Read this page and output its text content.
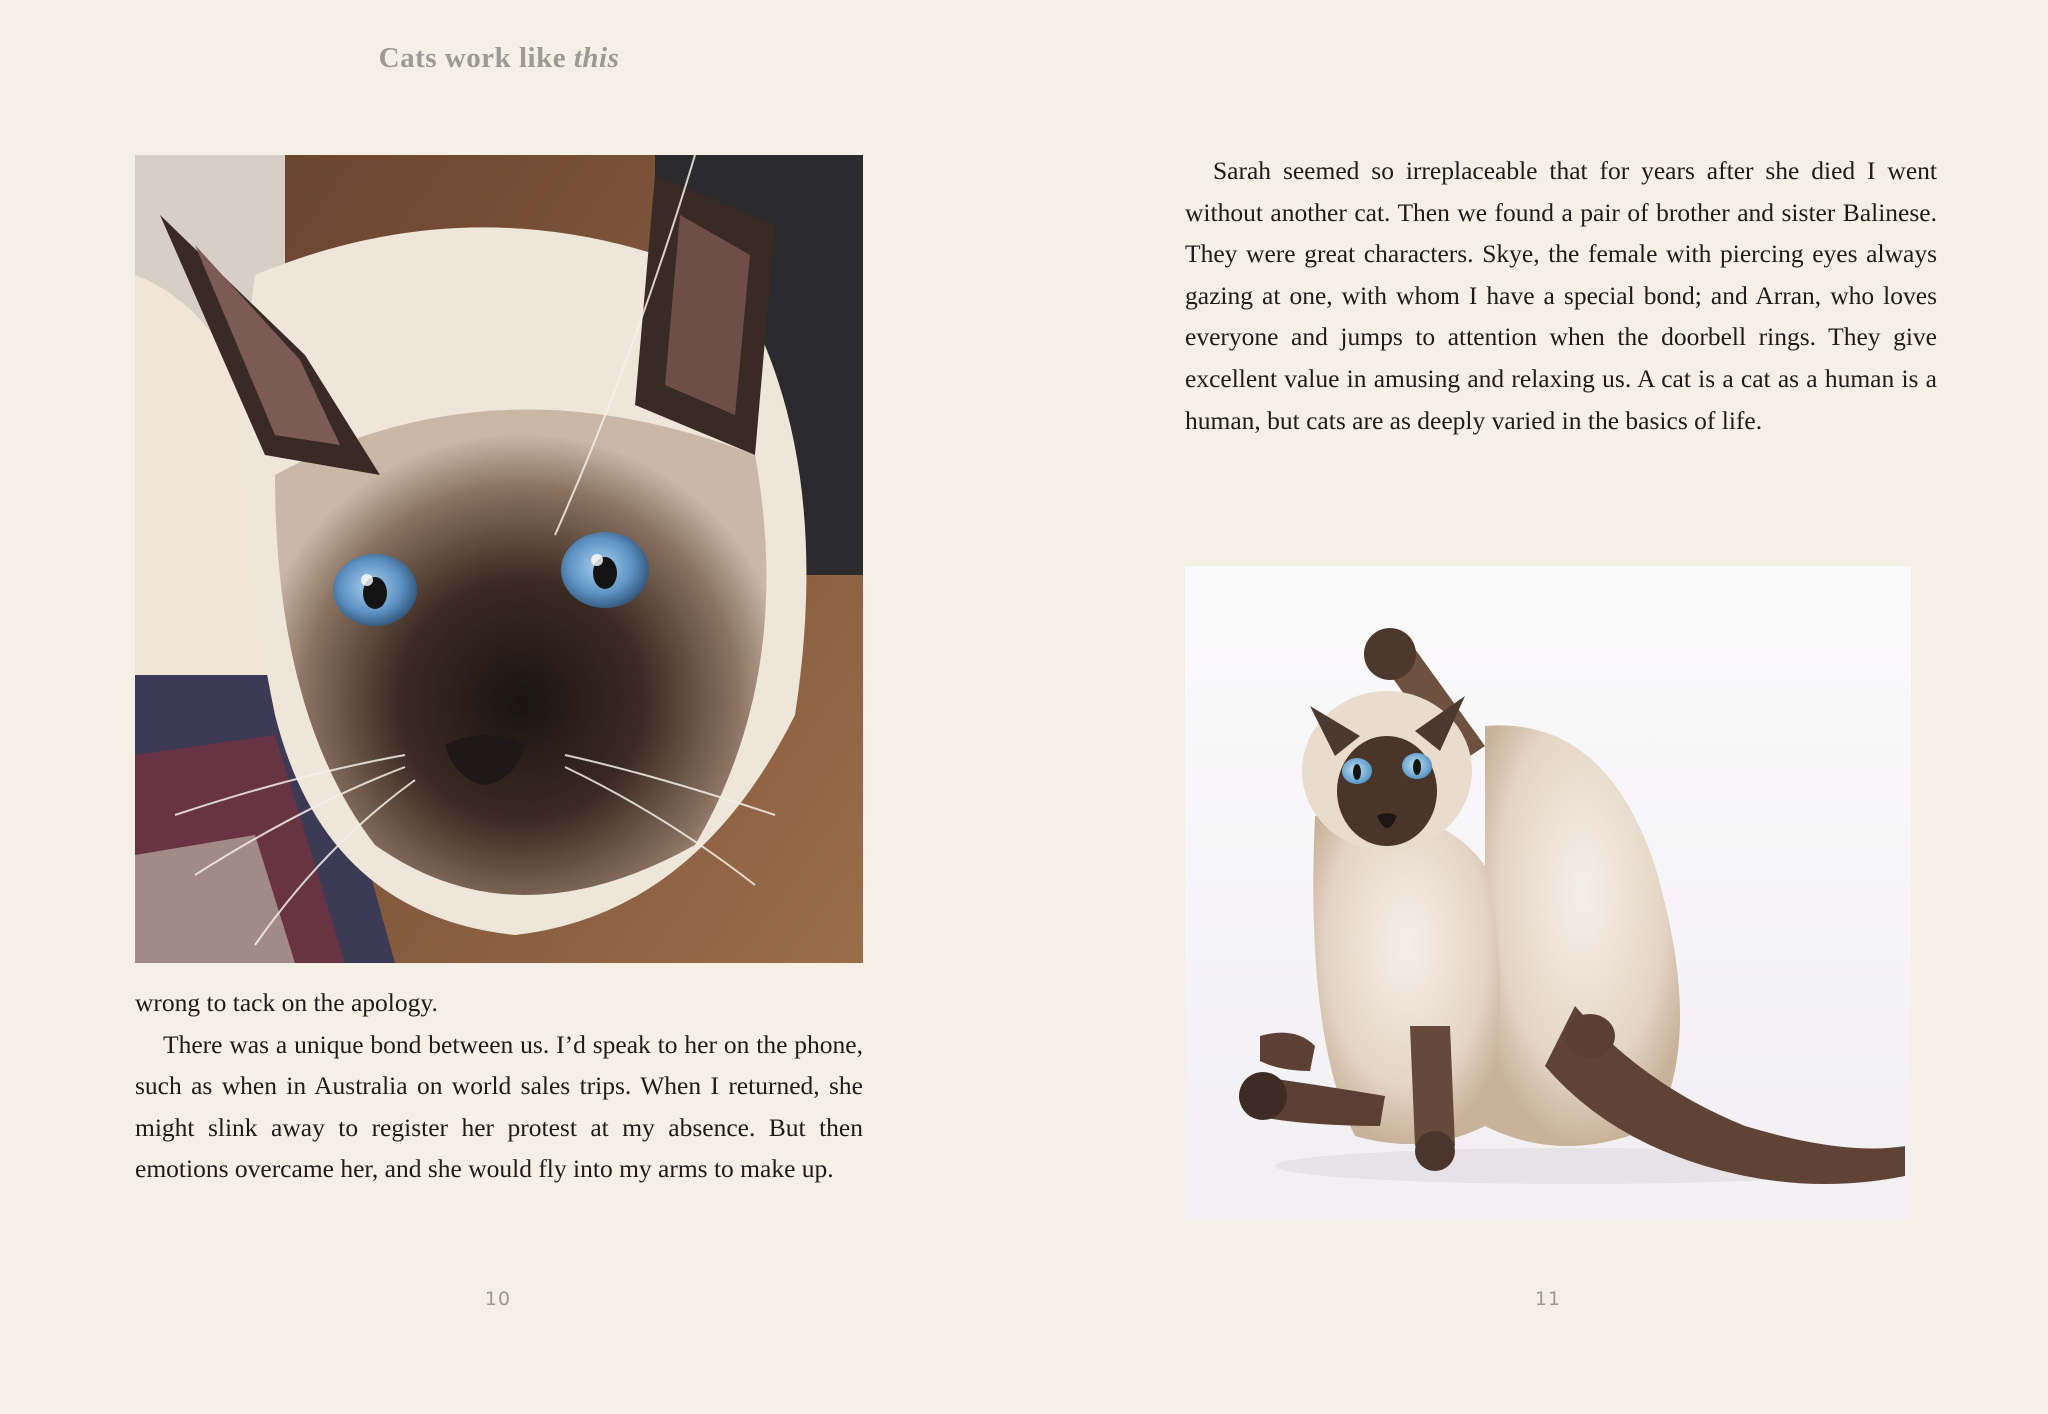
Cats work like this

wrong to tack on the apology.

There was a unique bond between us. I’d speak to her on the phone, such as when in Australia on world sales trips. When I returned, she might slink away to register her protest at my absence. But then emotions overcame her, and she would fly into my arms to make up.

10

Sarah seemed so irreplaceable that for years after she died I went without another cat. Then we found a pair of brother and sister Balinese. They were great characters. Skye, the female with piercing eyes always gazing at one, with whom I have a special bond; and Arran, who loves everyone and jumps to attention when the doorbell rings. They give excellent value in amusing and relaxing us. A cat is a cat as a human is a human, but cats are as deeply varied in the basics of life.

11
